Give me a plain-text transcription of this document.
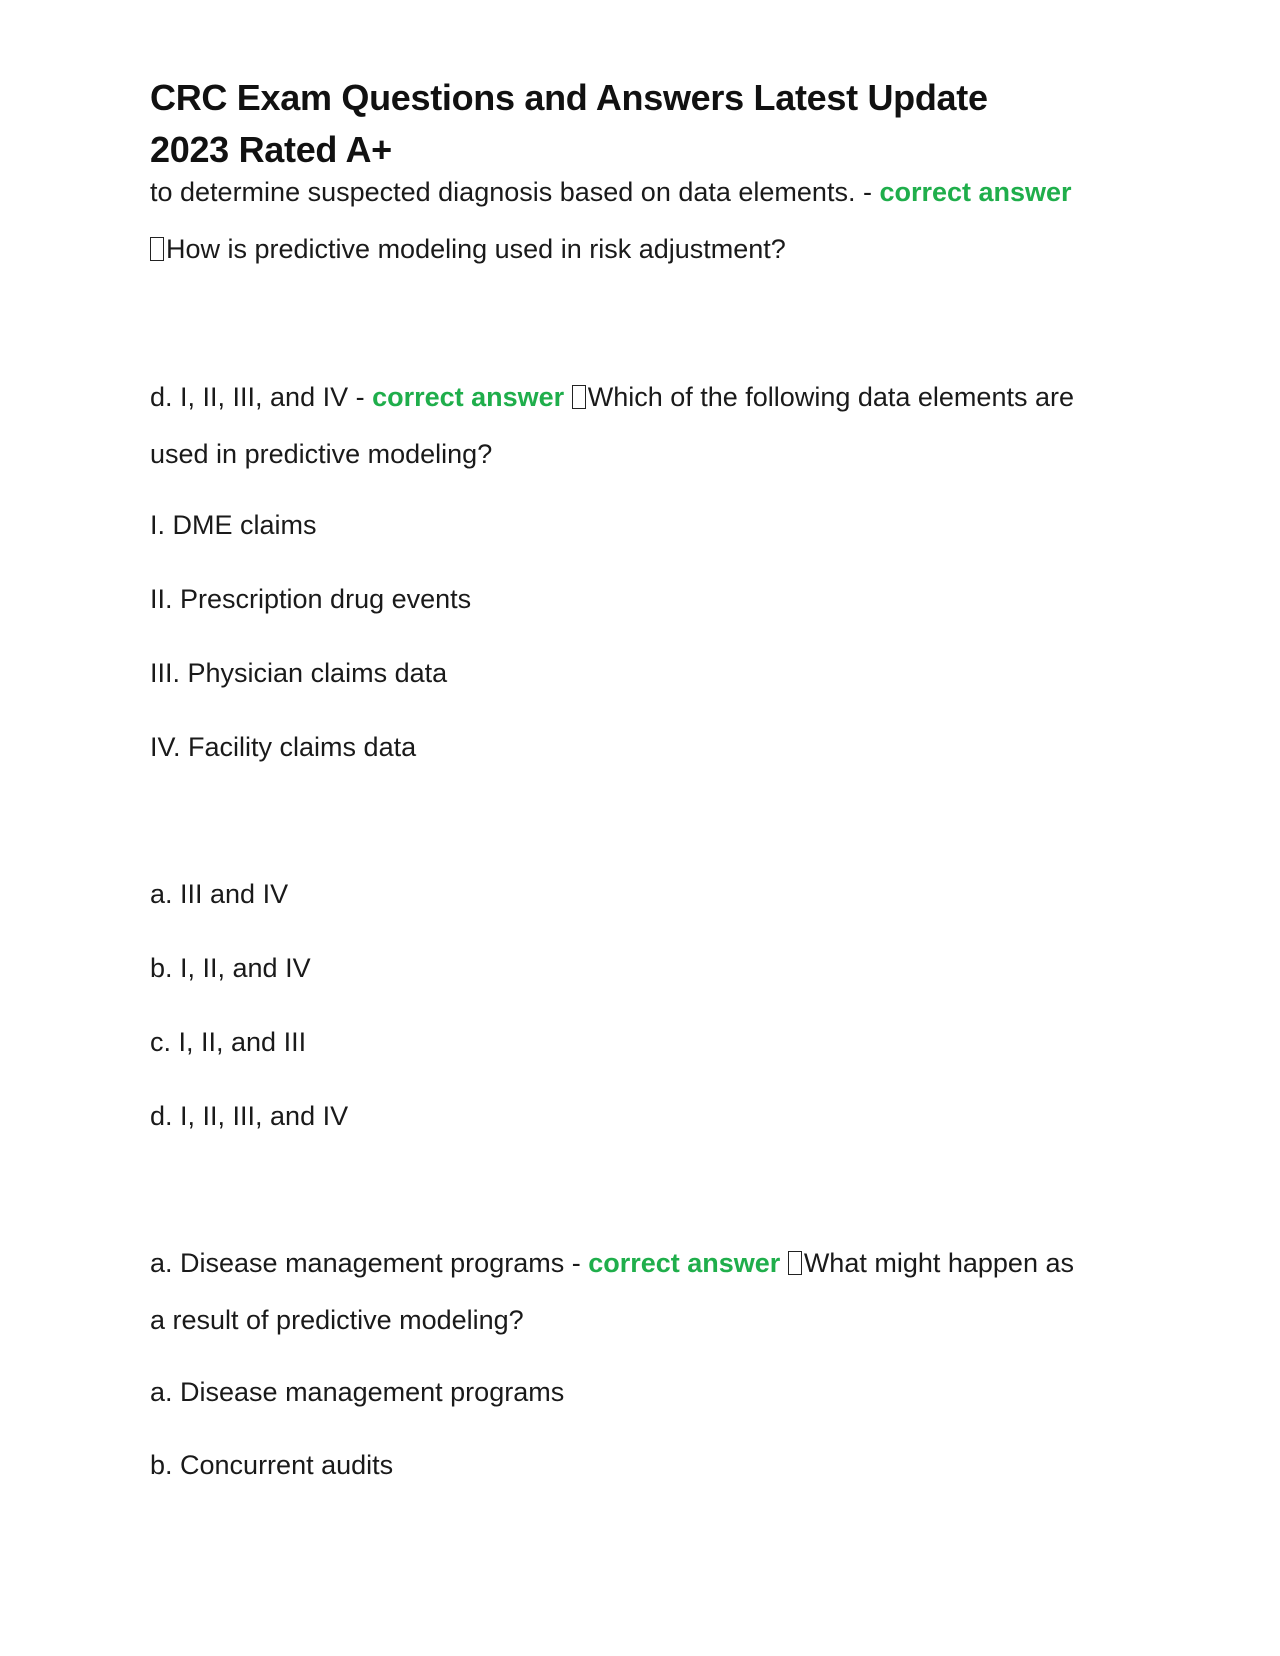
CRC Exam Questions and Answers Latest Update 2023 Rated A+

to determine suspected diagnosis based on data elements. - correct answer

How is predictive modeling used in risk adjustment?

d. I, II, III, and IV - correct answer Which of the following data elements are

used in predictive modeling?

I. DME claims

II. Prescription drug events

III. Physician claims data

IV. Facility claims data

a. III and IV

b. I, II, and IV

c. I, II, and III

d. I, II, III, and IV

a. Disease management programs - correct answer What might happen as

a result of predictive modeling?

a. Disease management programs

b. Concurrent audits
